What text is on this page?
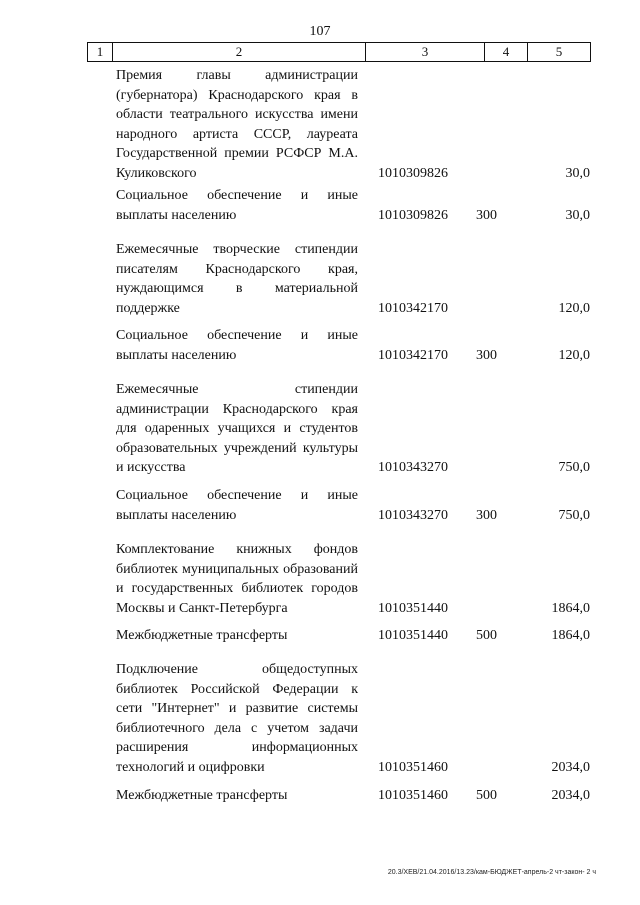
107
1	2	3	4	5
Премия главы администрации (губернатора) Краснодарского края в области театрального искусства имени народного артиста СССР, лауреата Государственной премии РСФСР М.А. Куликовского	1010309826	30,0
Социальное обеспечение и иные выплаты населению	1010309826 300	30,0
Ежемесячные творческие стипендии писателям Краснодарского края, нуждающимся в материальной поддержке	1010342170	120,0
Социальное обеспечение и иные выплаты населению	1010342170 300	120,0
Ежемесячные стипендии администрации Краснодарского края для одаренных учащихся и студентов образовательных учреждений культуры и искусства	1010343270	750,0
Социальное обеспечение и иные выплаты населению	1010343270 300	750,0
Комплектование книжных фондов библиотек муниципальных образований и государственных библиотек городов Москвы и Санкт-Петербурга	1010351440	1864,0
Межбюджетные трансферты	1010351440 500	1864,0
Подключение общедоступных библиотек Российской Федерации к сети "Интернет" и развитие системы библиотечного дела с учетом задачи расширения информационных технологий и оцифровки	1010351460	2034,0
Межбюджетные трансферты	1010351460 500	2034,0
20.3/ХЕВ/21.04.2016/13.23/кам-БЮДЖЕТ-апрель-2 чт-закон- 2 ч
